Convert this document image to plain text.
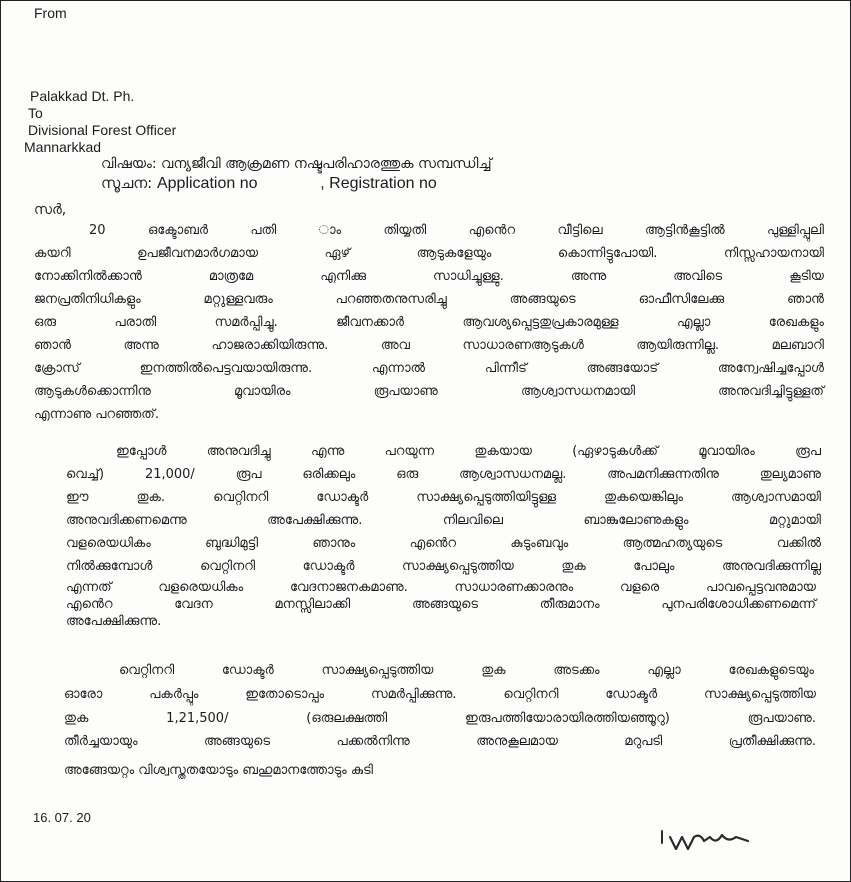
From
Palakkad Dt. Ph.
To
Divisional Forest Officer
Mannarkkad
വിഷയം: വന്യജീവി ആക്രമണ നഷ്ടപരിഹാരത്തുക സമ്പന്ധിച്ച്
സൂചന: Application no	, Registration no
സർ,
20	ഒക്ടോബർ	പതി	ാം	തിയ്യതി	എൻെറ	വീട്ടിലെ	ആട്ടിൻകൂട്ടിൽ	പുള്ളിപ്പുലി
കയറി	ഉപജീവനമാർഗമായ	ഏഴ്	ആടുകളേയും	കൊന്നിട്ടുപോയി.	നിസ്സഹായനായി
നോക്കിനിൽക്കാൻ	മാത്രമേ	എനിക്കു	സാധിച്ചുള്ളു.	അന്നു	അവിടെ	കൂടിയ
ജനപ്രതിനിധികളും	മറ്റുള്ളവരും	പറഞ്ഞതനുസരിച്ചു	അങ്ങയുടെ	ഓഫീസിലേക്കു	ഞാൻ
ഒരു	പരാതി	സമർപ്പിച്ചു.	ജീവനക്കാർ	ആവശ്യപ്പെട്ടതുപ്രകാരമുള്ള	എല്ലാ	രേഖകളും
ഞാൻ	അന്നു	ഹാജരാക്കിയിരുന്നു.	അവ	സാധാരണആടുകൾ	ആയിരുന്നില്ല.	മലബാറി
ക്രോസ്	ഇനത്തിൽപെട്ടവയായിരുന്നു.	എന്നാൽ	പിന്നീട്	അങ്ങയോട്	അന്വേഷിച്ചപ്പോൾ
ആടുകൾക്കൊന്നിനു	മൂവായിരം	രൂപയാണു	ആശ്വാസധനമായി	അനുവദിച്ചിട്ടുള്ളത്
എന്നാണു പറഞ്ഞത്.
ഇപ്പോൾ	അനുവദിച്ചു	എന്നു	പറയുന്ന	തുകയായ	(ഏഴാടുകൾക്ക്	മൂവായിരം	രൂപ
വെച്ച്)	21,000/	രൂപ	ഒരിക്കലും	ഒരു	ആശ്വാസധനമല്ല.	അപമനിക്കുന്നതിനു	തുല്യമാണു
ഈ	തുക.	വെറ്റിനറി	ഡോക്ടർ	സാക്ഷ്യപ്പെടുത്തിയിട്ടുള്ള	തുകയെങ്കിലും	ആശ്വാസമായി
അനുവദിക്കണമെന്നു	അപേക്ഷിക്കുന്നു.	നിലവിലെ	ബാങ്കുലോണുകളും	മറ്റുമായി
വളരെയധികം	ബുദ്ധിമുട്ടി	ഞാനും	എൻെറ	കുടുംബവും	ആത്മഹത്യയുടെ	വക്കിൽ
നിൽക്കുമ്പോൾ	വെറ്റിനറി	ഡോക്ടർ	സാക്ഷ്യപ്പെടുത്തിയ	തുക	പോലും	അനുവദിക്കുന്നില്ല
എന്നത്	വളരെയധികം	വേദനാജനകമാണു.	സാധാരണക്കാരനും	വളരെ	പാവപ്പെട്ടവനുമായ
എൻെറ	വേദന	മനസ്സിലാക്കി	അങ്ങയുടെ	തീരുമാനം	പുനപരിശോധിക്കണമെന്ന്
അപേക്ഷിക്കുന്നു.
വെറ്റിനറി	ഡോക്ടർ	സാക്ഷ്യപ്പെടുത്തിയ	തുക	അടക്കം	എല്ലാ	രേഖകളുടെയും
ഓരോ	പകർപ്പും	ഇതോടൊപ്പം	സമർപ്പിക്കുന്നു.	വെറ്റിനറി	ഡോക്ടർ	സാക്ഷ്യപ്പെടുത്തിയ
തുക	1,21,500/	(ഒരുലക്ഷത്തി	ഇരുപത്തിയോരായിരത്തിയഞ്ഞൂറു)	രൂപയാണു.
തീർച്ചയായും	അങ്ങയുടെ	പക്കൽനിന്നു	അനുകൂലമായ	മറുപടി	പ്രതീക്ഷിക്കുന്നു.
അങ്ങേയറ്റം വിശ്വസ്തതയോടും ബഹുമാനത്തോടും കുടി
16. 07. 20
